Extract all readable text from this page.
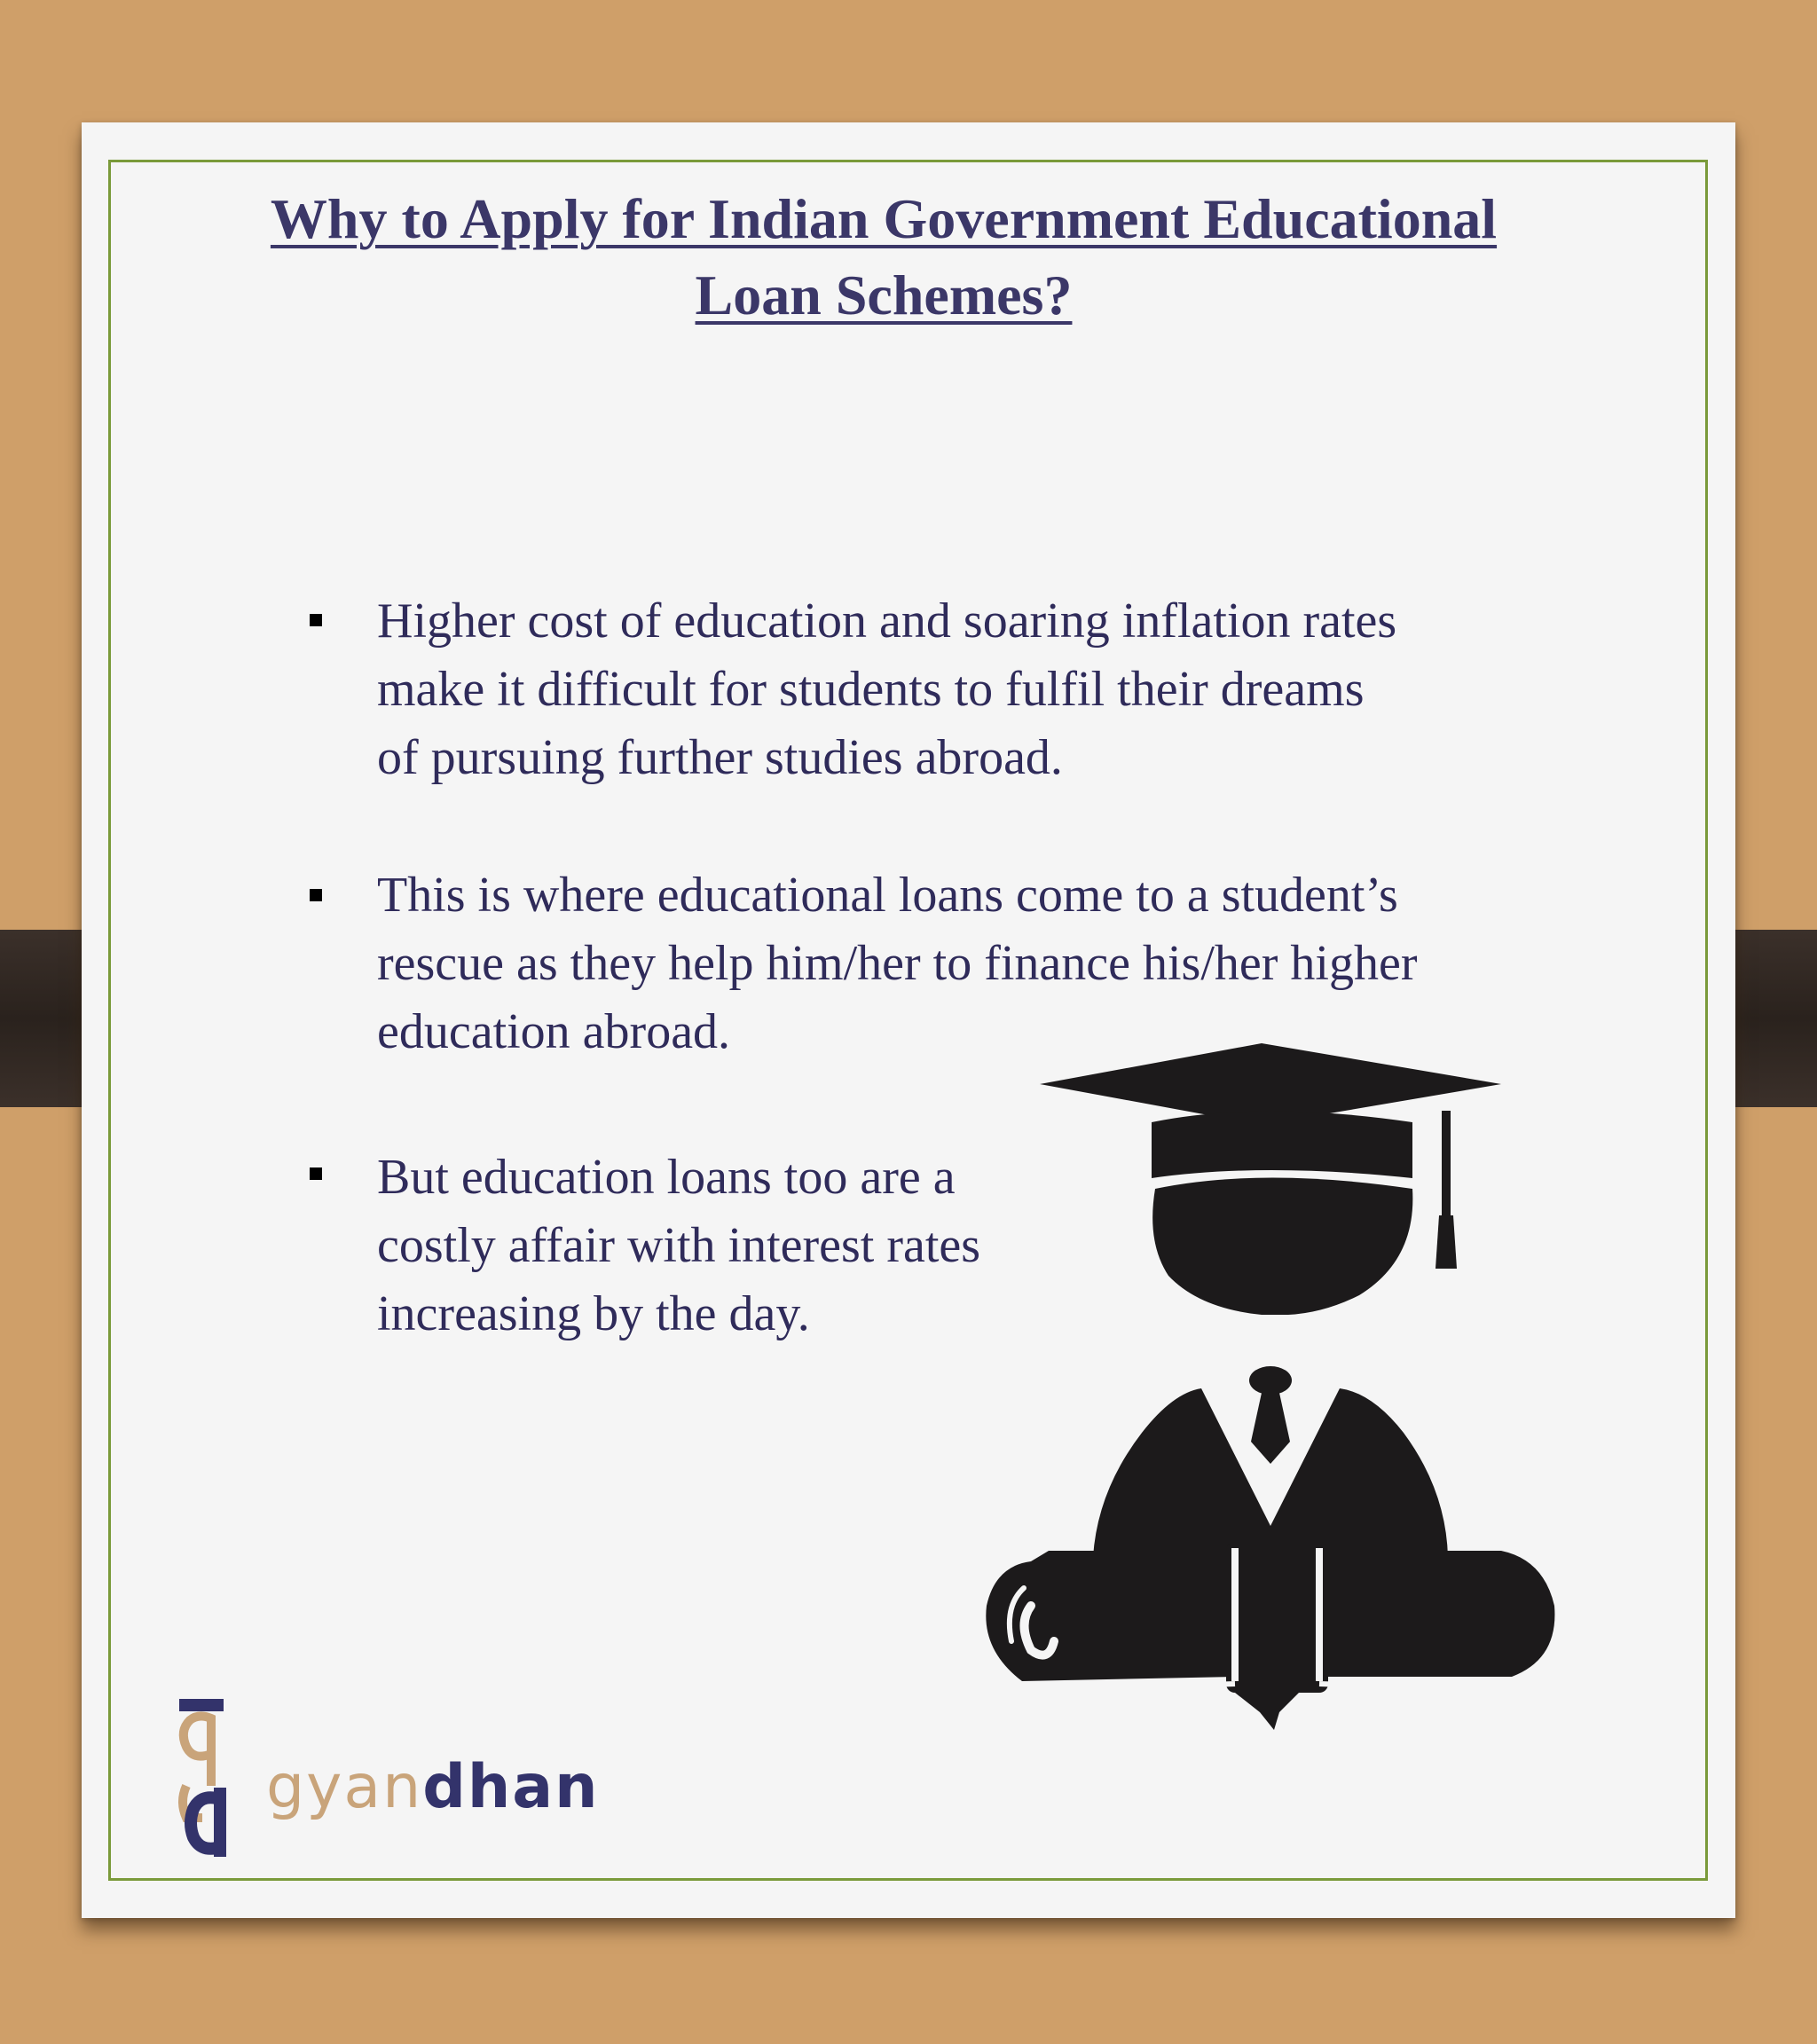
Why to Apply for Indian Government Educational
Loan Schemes?
Higher cost of education and soaring inflation rates
make it difficult for students to fulfil their dreams
of pursuing further studies abroad.
This is where educational loans come to a student’s
rescue as they help him/her to finance his/her higher
education abroad.
But education loans too are a
costly affair with interest rates
increasing by the day.
gyandhan
